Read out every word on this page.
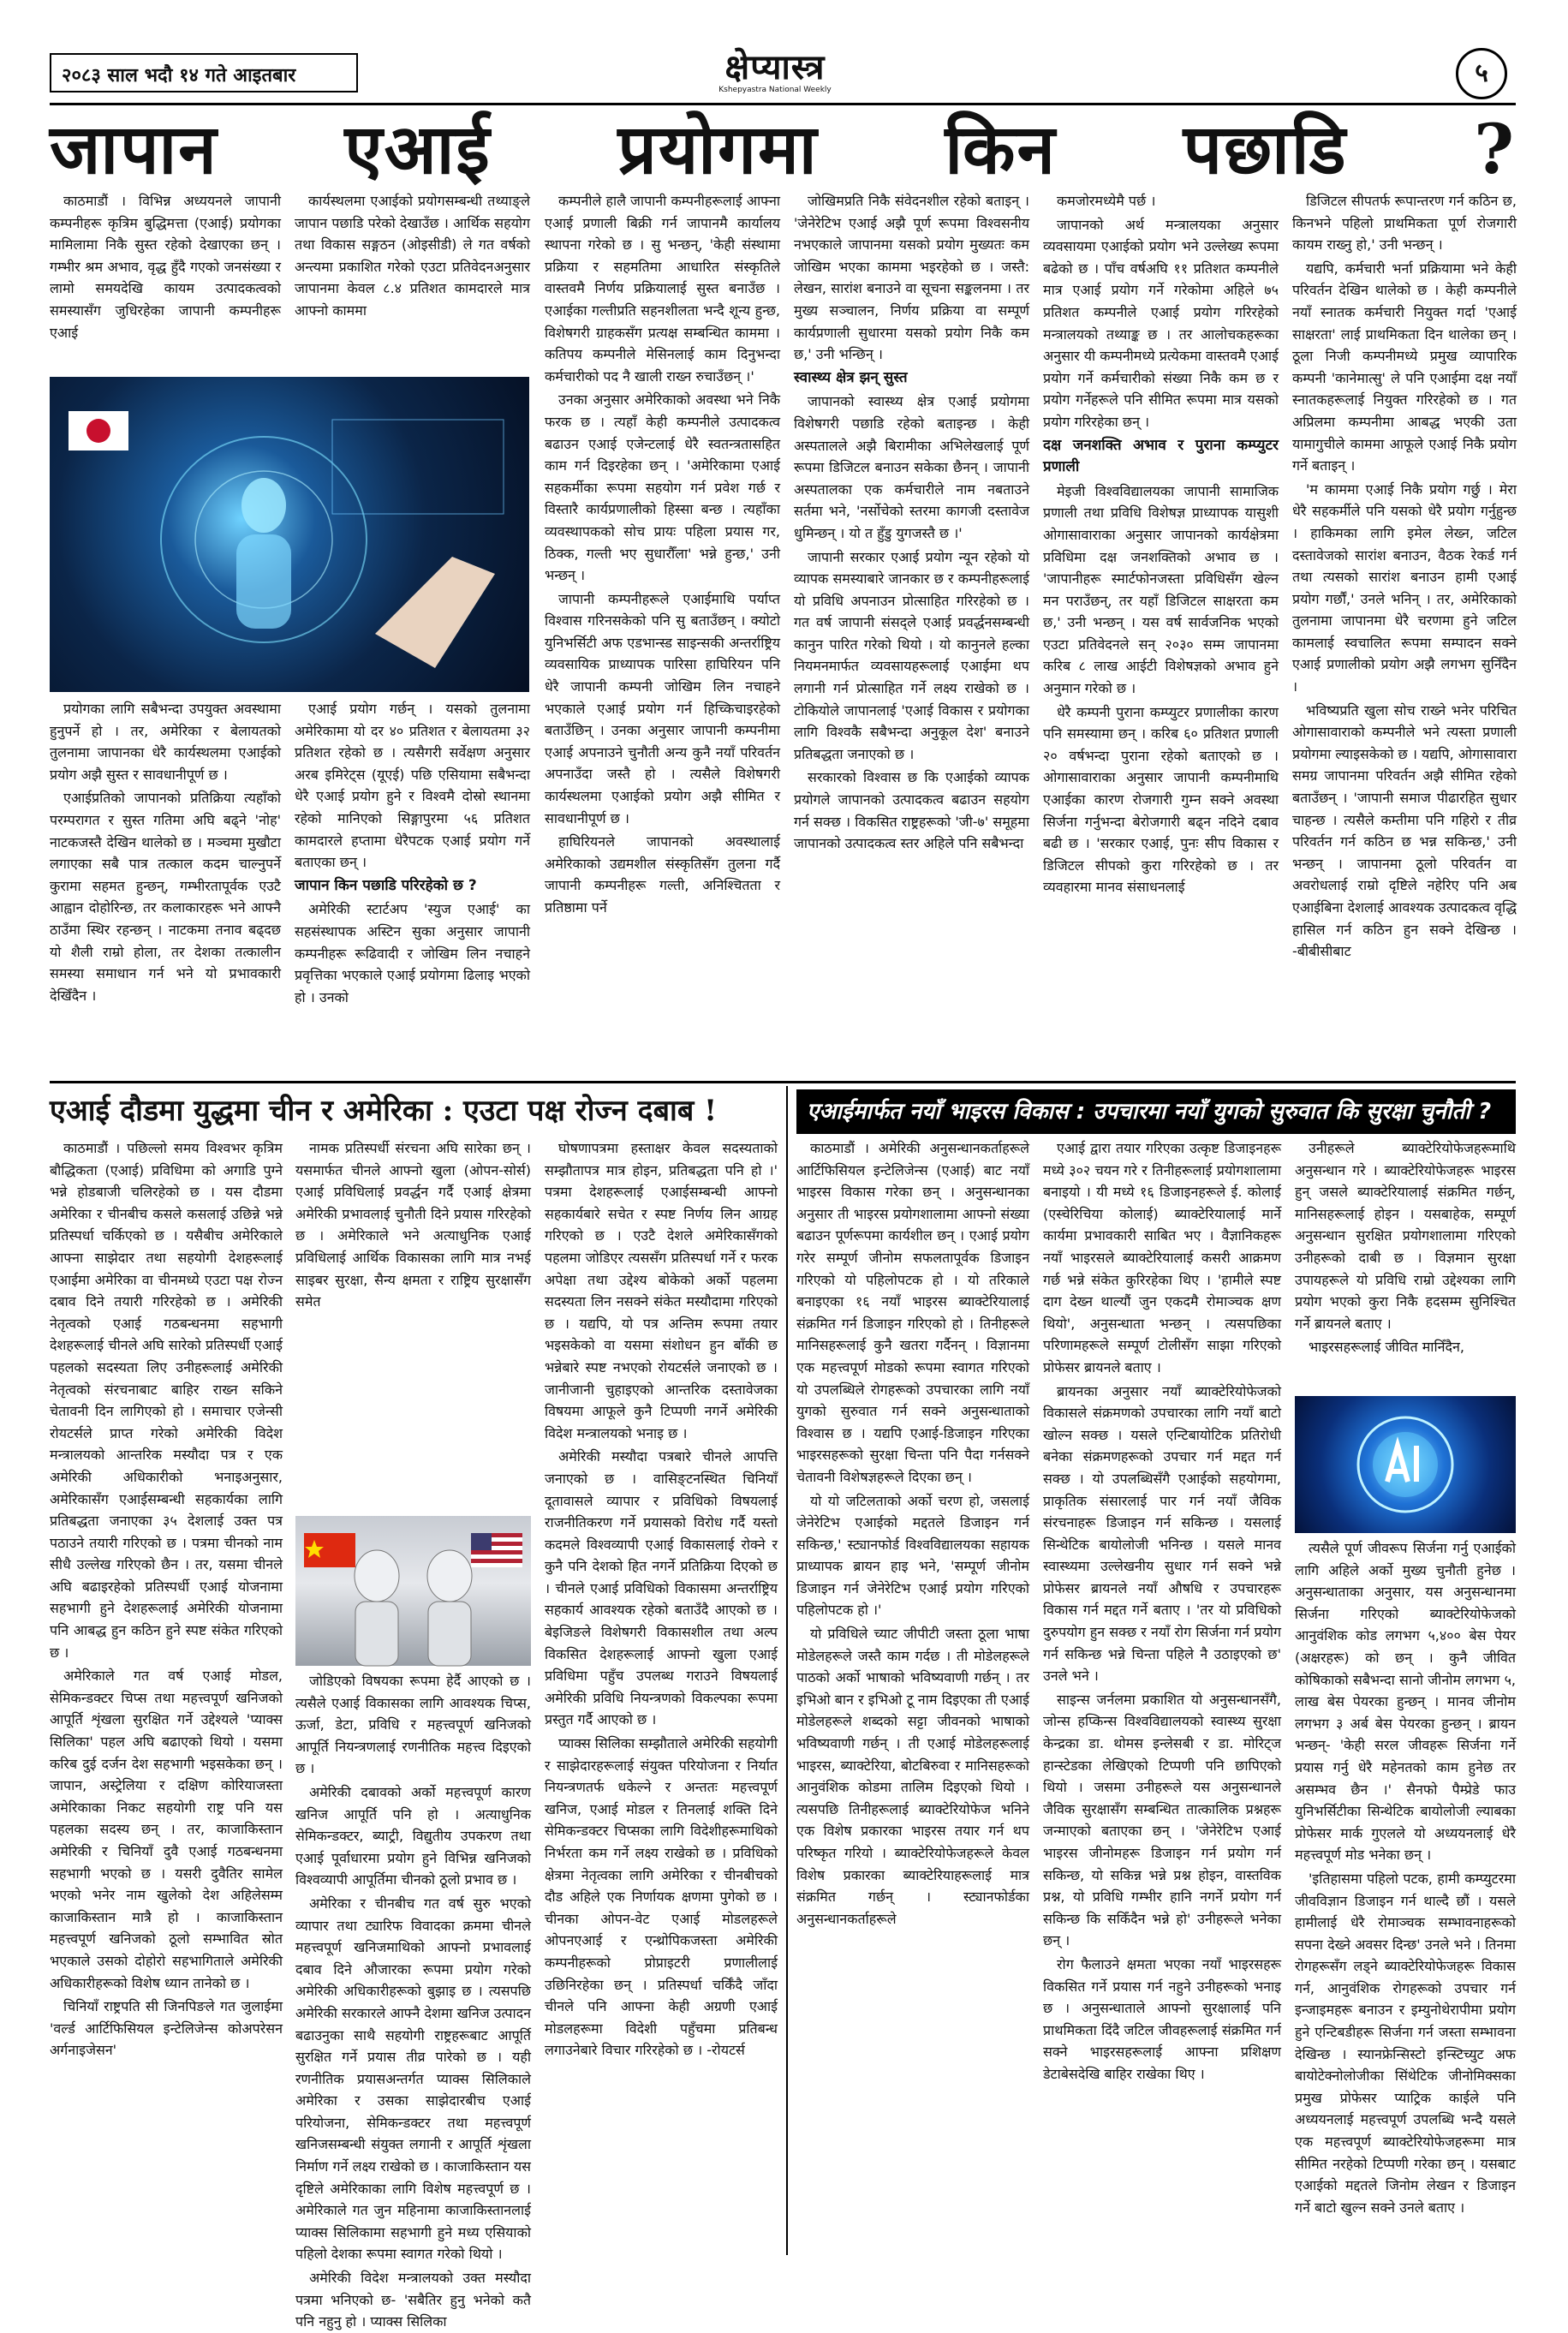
२०८३ साल भदौ १४ गते आइतबार	क्षेप्यास्त्र
Kshepyastra National Weekly
५
जापान एआई प्रयोगमा किन पछाडि ?

काठमाडौं । विभिन्न अध्ययनले जापानी कम्पनीहरू कृत्रिम बुद्धिमत्ता (एआई) प्रयोगका मामिलामा निकै सुस्त रहेको देखाएका छन् । गम्भीर श्रम अभाव, वृद्ध हुँदै गएको जनसंख्या र लामो समयदेखि कायम उत्पादकत्वको समस्यासँग जुधिरहेका जापानी कम्पनीहरू एआई

कार्यस्थलमा एआईको प्रयोगसम्बन्धी तथ्याङ्ले जापान पछाडि परेको देखाउँछ । आर्थिक सहयोग तथा विकास सङ्गठन (ओइसीडी) ले गत वर्षको अन्त्यमा प्रकाशित गरेको एउटा प्रतिवेदनअनुसार जापानमा केवल ८.४ प्रतिशत कामदारले मात्र आफ्नो काममा

प्रयोगका लागि सबैभन्दा उपयुक्त अवस्थामा हुनुपर्ने हो । तर, अमेरिका र बेलायतको तुलनामा जापानका धेरै कार्यस्थलमा एआईको प्रयोग अझै सुस्त र सावधानीपूर्ण छ ।

एआईप्रतिको जापानको प्रतिक्रिया त्यहाँको परम्परागत र सुस्त गतिमा अघि बढ्ने 'नोह' नाटकजस्तै देखिन थालेको छ । मञ्चमा मुखौटा लगाएका सबै पात्र तत्काल कदम चाल्नुपर्ने कुरामा सहमत हुन्छन्, गम्भीरतापूर्वक एउटै आह्वान दोहोरिन्छ, तर कलाकारहरू भने आफ्नै ठाउँमा स्थिर रहन्छन् । नाटकमा तनाव बढ्दछ यो शैली राम्रो होला, तर देशका तत्कालीन समस्या समाधान गर्न भने यो प्रभावकारी देखिँदैन ।

एआई प्रयोग गर्छन् । यसको तुलनामा अमेरिकामा यो दर ४० प्रतिशत र बेलायतमा ३२ प्रतिशत रहेको छ । त्यसैगरी सर्वेक्षण अनुसार अरब इमिरेट्स (यूएई) पछि एसियामा सबैभन्दा धेरै एआई प्रयोग हुने र विश्वमै दोस्रो स्थानमा रहेको मानिएको सिङ्गापुरमा ५६ प्रतिशत कामदारले हप्तामा धेरैपटक एआई प्रयोग गर्ने बताएका छन् ।

जापान किन पछाडि परिरहेको छ ?

अमेरिकी स्टार्टअप 'स्युज एआई' का सहसंस्थापक अस्टिन सुका अनुसार जापानी कम्पनीहरू रूढिवादी र जोखिम लिन नचाहने प्रवृत्तिका भएकाले एआई प्रयोगमा ढिलाइ भएको हो । उनको

कम्पनीले हालै जापानी कम्पनीहरूलाई आफ्ना एआई प्रणाली बिक्री गर्न जापानमै कार्यालय स्थापना गरेको छ । सु भन्छन्, 'केही संस्थामा प्रक्रिया र सहमतिमा आधारित संस्कृतिले वास्तवमै निर्णय प्रक्रियालाई सुस्त बनाउँछ । एआईका गल्तीप्रति सहनशीलता भन्दै शून्य हुन्छ, विशेषगरी ग्राहकसँग प्रत्यक्ष सम्बन्धित काममा । कतिपय कम्पनीले मेसिनलाई काम दिनुभन्दा कर्मचारीको पद नै खाली राख्न रुचाउँछन् ।'

उनका अनुसार अमेरिकाको अवस्था भने निकै फरक छ । त्यहाँ केही कम्पनीले उत्पादकत्व बढाउन एआई एजेन्टलाई धेरै स्वतन्त्रतासहित काम गर्न दिइरहेका छन् । 'अमेरिकामा एआई सहकर्मीका रूपमा सहयोग गर्न प्रवेश गर्छ र विस्तारै कार्यप्रणालीको हिस्सा बन्छ । त्यहाँका व्यवस्थापकको सोच प्रायः पहिला प्रयास गर, ठिक्क, गल्ती भए सुधारौँला' भन्ने हुन्छ,' उनी भन्छन् ।

जापानी कम्पनीहरूले एआईमाथि पर्याप्त विश्वास गरिनसकेको पनि सु बताउँछन् । क्योटो युनिभर्सिटी अफ एडभान्स्ड साइन्सकी अन्तर्राष्ट्रिय व्यवसायिक प्राध्यापक पारिसा हाघिरियन पनि धेरै जापानी कम्पनी जोखिम लिन नचाहने भएकाले एआई प्रयोग गर्न हिच्किचाइरहेको बताउँछिन् । उनका अनुसार जापानी कम्पनीमा एआई अपनाउने चुनौती अन्य कुनै नयाँ परिवर्तन अपनाउँदा जस्तै हो । त्यसैले विशेषगरी कार्यस्थलमा एआईको प्रयोग अझै सीमित र सावधानीपूर्ण छ ।

हाघिरियनले जापानको अवस्थालाई अमेरिकाको उद्यमशील संस्कृतिसँग तुलना गर्दै जापानी कम्पनीहरू गल्ती, अनिश्चितता र प्रतिष्ठामा पर्ने

जोखिमप्रति निकै संवेदनशील रहेको बताइन् । 'जेनेरेटिभ एआई अझै पूर्ण रूपमा विश्वसनीय नभएकाले जापानमा यसको प्रयोग मुख्यतः कम जोखिम भएका काममा भइरहेको छ । जस्तै: लेखन, सारांश बनाउने वा सूचना सङ्कलनमा । तर मुख्य सञ्चालन, निर्णय प्रक्रिया वा सम्पूर्ण कार्यप्रणाली सुधारमा यसको प्रयोग निकै कम छ,' उनी भन्छिन् ।

स्वास्थ्य क्षेत्र झन् सुस्त

जापानको स्वास्थ्य क्षेत्र एआई प्रयोगमा विशेषगरी पछाडि रहेको बताइन्छ । केही अस्पतालले अझै बिरामीका अभिलेखलाई पूर्ण रूपमा डिजिटल बनाउन सकेका छैनन् । जापानी अस्पतालका एक कर्मचारीले नाम नबताउने सर्तमा भने, 'नर्सोचेको स्तरमा कागजी दस्तावेज धुमिन्छन् । यो त हुँडु युगजस्तै छ ।'

जापानी सरकार एआई प्रयोग न्यून रहेको यो व्यापक समस्याबारे जानकार छ र कम्पनीहरूलाई यो प्रविधि अपनाउन प्रोत्साहित गरिरहेको छ । गत वर्ष जापानी संसद्ले एआई प्रवर्द्धनसम्बन्धी कानुन पारित गरेको थियो । यो कानुनले हल्का नियमनमार्फत व्यवसायहरूलाई एआईमा थप लगानी गर्न प्रोत्साहित गर्ने लक्ष्य राखेको छ । टोकियोले जापानलाई 'एआई विकास र प्रयोगका लागि विश्वकै सबैभन्दा अनुकूल देश' बनाउने प्रतिबद्धता जनाएको छ ।

सरकारको विश्वास छ कि एआईको व्यापक प्रयोगले जापानको उत्पादकत्व बढाउन सहयोग गर्न सक्छ । विकसित राष्ट्रहरूको 'जी-७' समूहमा जापानको उत्पादकत्व स्तर अहिले पनि सबैभन्दा

कमजोरमध्येमै पर्छ ।

जापानको अर्थ मन्त्रालयका अनुसार व्यवसायमा एआईको प्रयोग भने उल्लेख्य रूपमा बढेको छ । पाँच वर्षअघि ११ प्रतिशत कम्पनीले मात्र एआई प्रयोग गर्ने गरेकोमा अहिले ७५ प्रतिशत कम्पनीले एआई प्रयोग गरिरहेको मन्त्रालयको तथ्याङ्क छ । तर आलोचकहरूका अनुसार यी कम्पनीमध्ये प्रत्येकमा वास्तवमै एआई प्रयोग गर्ने कर्मचारीको संख्या निकै कम छ र प्रयोग गर्नेहरूले पनि सीमित रूपमा मात्र यसको प्रयोग गरिरहेका छन् ।

दक्ष जनशक्ति अभाव र पुराना कम्प्युटर प्रणाली

मेइजी विश्वविद्यालयका जापानी सामाजिक प्रणाली तथा प्रविधि विशेषज्ञ प्राध्यापक यासुशी ओगासावाराका अनुसार जापानको कार्यक्षेत्रमा प्रविधिमा दक्ष जनशक्तिको अभाव छ । 'जापानीहरू स्मार्टफोनजस्ता प्रविधिसँग खेल्न मन पराउँछन्, तर यहाँ डिजिटल साक्षरता कम छ,' उनी भन्छन् । यस वर्ष सार्वजनिक भएको एउटा प्रतिवेदनले सन् २०३० सम्म जापानमा करिब ८ लाख आईटी विशेषज्ञको अभाव हुने अनुमान गरेको छ ।

धेरै कम्पनी पुराना कम्प्युटर प्रणालीका कारण पनि समस्यामा छन् । करिब ६० प्रतिशत प्रणाली २० वर्षभन्दा पुराना रहेको बताएको छ । ओगासावाराका अनुसार जापानी कम्पनीमाथि एआईका कारण रोजगारी गुम्न सक्ने अवस्था सिर्जना गर्नुभन्दा बेरोजगारी बढ्न नदिने दबाव बढी छ । 'सरकार एआई, पुनः सीप विकास र डिजिटल सीपको कुरा गरिरहेको छ । तर व्यवहारमा मानव संसाधनलाई

डिजिटल सीपतर्फ रूपान्तरण गर्न कठिन छ, किनभने पहिलो प्राथमिकता पूर्ण रोजगारी कायम राख्नु हो,' उनी भन्छन् ।

यद्यपि, कर्मचारी भर्ना प्रक्रियामा भने केही परिवर्तन देखिन थालेको छ । केही कम्पनीले नयाँ स्नातक कर्मचारी नियुक्त गर्दा 'एआई साक्षरता' लाई प्राथमिकता दिन थालेका छन् । ठूला निजी कम्पनीमध्ये प्रमुख व्यापारिक कम्पनी 'कानेमात्सु' ले पनि एआईमा दक्ष नयाँ स्नातकहरूलाई नियुक्त गरिरहेको छ । गत अप्रिलमा कम्पनीमा आबद्ध भएकी उता यामागुचीले काममा आफूले एआई निकै प्रयोग गर्ने बताइन् ।

'म काममा एआई निकै प्रयोग गर्छु । मेरा धेरै सहकर्मीले पनि यसको धेरै प्रयोग गर्नुहुन्छ । हाकिमका लागि इमेल लेख्न, जटिल दस्तावेजको सारांश बनाउन, वैठक रेकर्ड गर्न तथा त्यसको सारांश बनाउन हामी एआई प्रयोग गर्छौं,' उनले भनिन् । तर, अमेरिकाको तुलनामा जापानमा धेरै चरणमा हुने जटिल कामलाई स्वचालित रूपमा सम्पादन सक्ने एआई प्रणालीको प्रयोग अझै लगभग सुनिँदैन ।

भविष्यप्रति खुला सोच राख्ने भनेर परिचित ओगासावाराको कम्पनीले भने त्यस्ता प्रणाली प्रयोगमा ल्याइसकेको छ । यद्यपि, ओगासावारा समग्र जापानमा परिवर्तन अझै सीमित रहेको बताउँछन् । 'जापानी समाज पीढारहित सुधार चाहन्छ । त्यसैले कम्तीमा पनि गहिरो र तीव्र परिवर्तन गर्न कठिन छ भन्न सकिन्छ,' उनी भन्छन् । जापानमा ठूलो परिवर्तन वा अवरोधलाई राम्रो दृष्टिले नहेरिए पनि अब एआईबिना देशलाई आवश्यक उत्पादकत्व वृद्धि हासिल गर्न कठिन हुन सक्ने देखिन्छ । -बीबीसीबाट

एआई दौडमा युद्धमा चीन र अमेरिका : एउटा पक्ष रोज्न दबाब !

काठमाडौं । पछिल्लो समय विश्वभर कृत्रिम बौद्धिकता (एआई) प्रविधिमा को अगाडि पुग्ने भन्ने होडबाजी चलिरहेको छ । यस दौडमा अमेरिका र चीनबीच कसले कसलाई उछिन्ने भन्ने प्रतिस्पर्धा चर्किएको छ । यसैबीच अमेरिकाले आफ्ना साझेदार तथा सहयोगी देशहरूलाई एआईमा अमेरिका वा चीनमध्ये एउटा पक्ष रोज्न दबाव दिने तयारी गरिरहेको छ । अमेरिकी नेतृत्वको एआई गठबन्धनमा सहभागी देशहरूलाई चीनले अघि सारेको प्रतिस्पर्धी एआई पहलको सदस्यता लिए उनीहरूलाई अमेरिकी नेतृत्वको संरचनाबाट बाहिर राख्न सकिने चेतावनी दिन लागिएको हो । समाचार एजेन्सी रोयटर्सले प्राप्त गरेको अमेरिकी विदेश मन्त्रालयको आन्तरिक मस्यौदा पत्र र एक अमेरिकी अधिकारीको भनाइअनुसार, अमेरिकासँग एआईसम्बन्धी सहकार्यका लागि प्रतिबद्धता जनाएका ३५ देशलाई उक्त पत्र पठाउने तयारी गरिएको छ । पत्रमा चीनको नाम सीधै उल्लेख गरिएको छैन । तर, यसमा चीनले अघि बढाइरहेको प्रतिस्पर्धी एआई योजनामा सहभागी हुने देशहरूलाई अमेरिकी योजनामा पनि आबद्ध हुन कठिन हुने स्पष्ट संकेत गरिएको छ ।

अमेरिकाले गत वर्ष एआई मोडल, सेमिकन्डक्टर चिप्स तथा महत्त्वपूर्ण खनिजको आपूर्ति शृंखला सुरक्षित गर्ने उद्देश्यले 'प्याक्स सिलिका' पहल अघि बढाएको थियो । यसमा करिब दुई दर्जन देश सहभागी भइसकेका छन् । जापान, अस्ट्रेलिया र दक्षिण कोरियाजस्ता अमेरिकाका निकट सहयोगी राष्ट्र पनि यस पहलका सदस्य छन् । तर, काजाकिस्तान अमेरिकी र चिनियाँ दुवै एआई गठबन्धनमा सहभागी भएको छ । यसरी दुवैतिर सामेल भएको भनेर नाम खुलेको देश अहिलेसम्म काजाकिस्तान मात्रै हो । काजाकिस्तान महत्त्वपूर्ण खनिजको ठूलो सम्भावित स्रोत भएकाले उसको दोहोरो सहभागिताले अमेरिकी अधिकारीहरूको विशेष ध्यान तानेको छ ।

चिनियाँ राष्ट्रपति सी जिनपिङले गत जुलाईमा 'वर्ल्ड आर्टिफिसियल इन्टेलिजेन्स कोअपरेसन अर्गनाइजेसन'

नामक प्रतिस्पर्धी संरचना अघि सारेका छन् । यसमार्फत चीनले आफ्नो खुला (ओपन-सोर्स) एआई प्रविधिलाई प्रवर्द्धन गर्दै एआई क्षेत्रमा अमेरिकी प्रभावलाई चुनौती दिने प्रयास गरिरहेको छ । अमेरिकाले भने अत्याधुनिक एआई प्रविधिलाई आर्थिक विकासका लागि मात्र नभई साइबर सुरक्षा, सैन्य क्षमता र राष्ट्रिय सुरक्षासँग समेत

जोडिएको विषयका रूपमा हेर्दै आएको छ । त्यसैले एआई विकासका लागि आवश्यक चिप्स, ऊर्जा, डेटा, प्रविधि र महत्त्वपूर्ण खनिजको आपूर्ति नियन्त्रणलाई रणनीतिक महत्त्व दिइएको छ ।

अमेरिकी दबावको अर्को महत्त्वपूर्ण कारण खनिज आपूर्ति पनि हो । अत्याधुनिक सेमिकन्डक्टर, ब्याट्री, विद्युतीय उपकरण तथा एआई पूर्वाधारमा प्रयोग हुने विभिन्न खनिजको विश्वव्यापी आपूर्तिमा चीनको ठूलो प्रभाव छ ।

अमेरिका र चीनबीच गत वर्ष सुरु भएको व्यापार तथा ट्यारिफ विवादका क्रममा चीनले महत्त्वपूर्ण खनिजमाथिको आफ्नो प्रभावलाई दबाव दिने औजारका रूपमा प्रयोग गरेको अमेरिकी अधिकारीहरूको बुझाइ छ । त्यसपछि अमेरिकी सरकारले आफ्नै देशमा खनिज उत्पादन बढाउनुका साथै सहयोगी राष्ट्रहरूबाट आपूर्ति सुरक्षित गर्ने प्रयास तीव्र पारेको छ । यही रणनीतिक प्रयासअन्तर्गत प्याक्स सिलिकाले अमेरिका र उसका साझेदारबीच एआई परियोजना, सेमिकन्डक्टर तथा महत्त्वपूर्ण खनिजसम्बन्धी संयुक्त लगानी र आपूर्ति शृंखला निर्माण गर्ने लक्ष्य राखेको छ । काजाकिस्तान यस दृष्टिले अमेरिकाका लागि विशेष महत्त्वपूर्ण छ । अमेरिकाले गत जुन महिनामा काजाकिस्तानलाई प्याक्स सिलिकामा सहभागी हुने मध्य एसियाको पहिलो देशका रूपमा स्वागत गरेको थियो ।

अमेरिकी विदेश मन्त्रालयको उक्त मस्यौदा पत्रमा भनिएको छ- 'सबैतिर हुनु भनेको कतै पनि नहुनु हो । प्याक्स सिलिका

घोषणापत्रमा हस्ताक्षर केवल सदस्यताको सम्झौतापत्र मात्र होइन, प्रतिबद्धता पनि हो ।' पत्रमा देशहरूलाई एआईसम्बन्धी आफ्नो सहकार्यबारे सचेत र स्पष्ट निर्णय लिन आग्रह गरिएको छ । एउटै देशले अमेरिकासँगको पहलमा जोडिएर त्यससँग प्रतिस्पर्धा गर्ने र फरक अपेक्षा तथा उद्देश्य बोकेको अर्को पहलमा सदस्यता लिन नसक्ने संकेत मस्यौदामा गरिएको छ । यद्यपि, यो पत्र अन्तिम रूपमा तयार भइसकेको वा यसमा संशोधन हुन बाँकी छ भन्नेबारे स्पष्ट नभएको रोयटर्सले जनाएको छ । जानीजानी चुहाइएको आन्तरिक दस्तावेजका विषयमा आफूले कुनै टिप्पणी नगर्ने अमेरिकी विदेश मन्त्रालयको भनाइ छ ।

अमेरिकी मस्यौदा पत्रबारे चीनले आपत्ति जनाएको छ । वासिङ्टनस्थित चिनियाँ दूतावासले व्यापार र प्रविधिको विषयलाई राजनीतिकरण गर्ने प्रयासको विरोध गर्दै यस्तो कदमले विश्वव्यापी एआई विकासलाई रोक्ने र कुनै पनि देशको हित नगर्ने प्रतिक्रिया दिएको छ । चीनले एआई प्रविधिको विकासमा अन्तर्राष्ट्रिय सहकार्य आवश्यक रहेको बताउँदै आएको छ । बेइजिङले विशेषगरी विकासशील तथा अल्प विकसित देशहरूलाई आफ्नो खुला एआई प्रविधिमा पहुँच उपलब्ध गराउने विषयलाई अमेरिकी प्रविधि नियन्त्रणको विकल्पका रूपमा प्रस्तुत गर्दै आएको छ ।

प्याक्स सिलिका सम्झौताले अमेरिकी सहयोगी र साझेदारहरूलाई संयुक्त परियोजना र निर्यात नियन्त्रणतर्फ धकेल्ने र अन्ततः महत्त्वपूर्ण खनिज, एआई मोडल र तिनलाई शक्ति दिने सेमिकन्डक्टर चिप्सका लागि विदेशीहरूमाथिको निर्भरता कम गर्ने लक्ष्य राखेको छ । प्रविधिको क्षेत्रमा नेतृत्वका लागि अमेरिका र चीनबीचको दौड अहिले एक निर्णायक क्षणमा पुगेको छ । चीनका ओपन-वेट एआई मोडलहरूले ओपनएआई र एन्थ्रोपिकजस्ता अमेरिकी कम्पनीहरूको प्रोप्राइटरी प्रणालीलाई उछिनिरहेका छन् । प्रतिस्पर्धा चर्किँदै जाँदा चीनले पनि आफ्ना केही अग्रणी एआई मोडलहरूमा विदेशी पहुँचमा प्रतिबन्ध लगाउनेबारे विचार गरिरहेको छ । -रोयटर्स

एआईमार्फत नयाँ भाइरस विकास : उपचारमा नयाँ युगको सुरुवात कि सुरक्षा चुनौती ?

काठमाडौं । अमेरिकी अनुसन्धानकर्ताहरूले आर्टिफिसियल इन्टेलिजेन्स (एआई) बाट नयाँ भाइरस विकास गरेका छन् । अनुसन्धानका अनुसार ती भाइरस प्रयोगशालामा आफ्नो संख्या बढाउन पूर्णरूपमा कार्यशील छन् । एआई प्रयोग गरेर सम्पूर्ण जीनोम सफलतापूर्वक डिजाइन गरिएको यो पहिलोपटक हो । यो तरिकाले बनाइएका १६ नयाँ भाइरस ब्याक्टेरियालाई संक्रमित गर्न डिजाइन गरिएको हो । तिनीहरूले मानिसहरूलाई कुनै खतरा गर्दैनन् । विज्ञानमा एक महत्त्वपूर्ण मोडको रूपमा स्वागत गरिएको यो उपलब्धिले रोगहरूको उपचारका लागि नयाँ युगको सुरुवात गर्न सक्ने अनुसन्धाताको विश्वास छ । यद्यपि एआई-डिजाइन गरिएका भाइरसहरूको सुरक्षा चिन्ता पनि पैदा गर्नसक्ने चेतावनी विशेषज्ञहरूले दिएका छन् ।

यो यो जटिलताको अर्को चरण हो, जसलाई जेनेरेटिभ एआईको मद्दतले डिजाइन गर्न सकिन्छ,' स्ट्यानफोर्ड विश्वविद्यालयका सहायक प्राध्यापक ब्रायन हाइ भने, 'सम्पूर्ण जीनोम डिजाइन गर्न जेनेरेटिभ एआई प्रयोग गरिएको पहिलोपटक हो ।'

यो प्रविधिले च्याट जीपीटी जस्ता ठूला भाषा मोडेलहरूले जस्तै काम गर्दछ । ती मोडेलहरूले पाठको अर्को भाषाको भविष्यवाणी गर्छन् । तर इभिओ बान र इभिओ टू नाम दिइएका ती एआई मोडेलहरूले शब्दको सट्टा जीवनको भाषाको भविष्यवाणी गर्छन् । ती एआई मोडेलहरूलाई भाइरस, ब्याक्टेरिया, बोटबिरुवा र मानिसहरूको आनुवंशिक कोडमा तालिम दिइएको थियो । त्यसपछि तिनीहरूलाई ब्याक्टेरियोफेज भनिने एक विशेष प्रकारका भाइरस तयार गर्न थप परिष्कृत गरियो । ब्याक्टेरियोफेजहरूले केवल विशेष प्रकारका ब्याक्टेरियाहरूलाई मात्र संक्रमित गर्छन् । स्ट्यानफोर्डका अनुसन्धानकर्ताहरूले

एआई द्वारा तयार गरिएका उत्कृष्ट डिजाइनहरू मध्ये ३०२ चयन गरे र तिनीहरूलाई प्रयोगशालामा बनाइयो । यी मध्ये १६ डिजाइनहरूले ई. कोलाई (एस्चेरिचिया कोलाई) ब्याक्टेरियालाई मार्ने कार्यमा प्रभावकारी साबित भए । वैज्ञानिकहरू नयाँ भाइरसले ब्याक्टेरियालाई कसरी आक्रमण गर्छ भन्ने संकेत कुरिरहेका थिए । 'हामीले स्पष्ट दाग देख्न थाल्यौं जुन एकदमै रोमाञ्चक क्षण थियो', अनुसन्धाता भन्छन् । त्यसपछिका परिणामहरूले सम्पूर्ण टोलीसँग साझा गरिएको प्रोफेसर ब्रायनले बताए ।

ब्रायनका अनुसार नयाँ ब्याक्टेरियोफेजको विकासले संक्रमणको उपचारका लागि नयाँ बाटो खोल्न सक्छ । यसले एन्टिबायोटिक प्रतिरोधी बनेका संक्रमणहरूको उपचार गर्न मद्दत गर्न सक्छ । यो उपलब्धिसँगै एआईको सहयोगमा, प्राकृतिक संसारलाई पार गर्न नयाँ जैविक संरचनाहरू डिजाइन गर्न सकिन्छ । यसलाई सिन्थेटिक बायोलोजी भनिन्छ । यसले मानव स्वास्थ्यमा उल्लेखनीय सुधार गर्न सक्ने भन्ने प्रोफेसर ब्रायनले नयाँ औषधि र उपचारहरू विकास गर्न मद्दत गर्ने बताए । 'तर यो प्रविधिको दुरुपयोग हुन सक्छ र नयाँ रोग सिर्जना गर्न प्रयोग गर्न सकिन्छ भन्ने चिन्ता पहिले नै उठाइएको छ' उनले भने ।

साइन्स जर्नलमा प्रकाशित यो अनुसन्धानसँगै, जोन्स हप्किन्स विश्वविद्यालयको स्वास्थ्य सुरक्षा केन्द्रका डा. थोमस इन्लेसबी र डा. मोरिट्ज हान्स्टेडका लेखिएको टिप्पणी पनि छापिएको थियो । जसमा उनीहरूले यस अनुसन्धानले जैविक सुरक्षासँग सम्बन्धित तात्कालिक प्रश्नहरू जन्माएको बताएका छन् । 'जेनेरेटिभ एआई भाइरस जीनोमहरू डिजाइन गर्न प्रयोग गर्न सकिन्छ, यो सकिन्न भन्ने प्रश्न होइन, वास्तविक प्रश्न, यो प्रविधि गम्भीर हानि नगर्ने प्रयोग गर्न सकिन्छ कि सकिँदैन भन्ने हो' उनीहरूले भनेका छन् ।

रोग फैलाउने क्षमता भएका नयाँ भाइरसहरू विकसित गर्ने प्रयास गर्न नहुने उनीहरूको भनाइ छ । अनुसन्धाताले आफ्नो सुरक्षालाई पनि प्राथमिकता दिंदै जटिल जीवहरूलाई संक्रमित गर्न सक्ने भाइरसहरूलाई आफ्ना प्रशिक्षण डेटाबेसदेखि बाहिर राखेका थिए ।

उनीहरूले ब्याक्टेरियोफेजहरूमाथि अनुसन्धान गरे । ब्याक्टेरियोफेजहरू भाइरस हुन् जसले ब्याक्टेरियालाई संक्रमित गर्छन्, मानिसहरूलाई होइन । यसबाहेक, सम्पूर्ण अनुसन्धान सुरक्षित प्रयोगशालामा गरिएको उनीहरूको दाबी छ । विज्ञमान सुरक्षा उपायहरूले यो प्रविधि राम्रो उद्देश्यका लागि प्रयोग भएको कुरा निकै हदसम्म सुनिश्चित गर्ने ब्रायनले बताए ।

भाइरसहरूलाई जीवित मानिँदैन,

त्यसैले पूर्ण जीवरूप सिर्जना गर्नु एआईको लागि अहिले अर्को मुख्य चुनौती हुनेछ । अनुसन्धाताका अनुसार, यस अनुसन्धानमा सिर्जना गरिएको ब्याक्टेरियोफेजको आनुवंशिक कोड लगभग ५,४०० बेस पेयर (अक्षरहरू) को छन् । कुनै जीवित कोषिकाको सबैभन्दा सानो जीनोम लगभग ५, लाख बेस पेयरका हुन्छन् । मानव जीनोम लगभग ३ अर्ब बेस पेयरका हुन्छन् । ब्रायन भन्छन्- 'केही सरल जीवहरू सिर्जना गर्ने प्रयास गर्नु धेरै महेनतको काम हुनेछ तर असम्भव छैन ।' सैनफो पैम्प्रेडे फाउ युनिभर्सिटीका सिन्थेटिक बायोलोजी ल्याबका प्रोफेसर मार्क गुएलले यो अध्ययनलाई धेरै महत्त्वपूर्ण मोड भनेका छन् ।

'इतिहासमा पहिलो पटक, हामी कम्प्युटरमा जीवविज्ञान डिजाइन गर्न थाल्दै छौं । यसले हामीलाई धेरै रोमाञ्चक सम्भावनाहरूको सपना देख्ने अवसर दिन्छ' उनले भने । तिनमा रोगहरूसँग लड्ने ब्याक्टेरियोफेजहरू विकास गर्न, आनुवंशिक रोगहरूको उपचार गर्न इन्जाइमहरू बनाउन र इम्युनोथेरापीमा प्रयोग हुने एन्टिबडीहरू सिर्जना गर्न जस्ता सम्भावना देखिन्छ । स्यानफ्रेन्सिस्टो इन्स्टिच्युट अफ बायोटेक्नोलोजीका सिंथेटिक जीनोमिक्सका प्रमुख प्रोफेसर प्याट्रिक काईले पनि अध्ययनलाई महत्त्वपूर्ण उपलब्धि भन्दै यसले एक महत्त्वपूर्ण ब्याक्टेरियोफेजहरूमा मात्र सीमित नरहेको टिप्पणी गरेका छन् । यसबाट एआईको मद्दतले जिनोम लेखन र डिजाइन गर्ने बाटो खुल्न सक्ने उनले बताए ।
